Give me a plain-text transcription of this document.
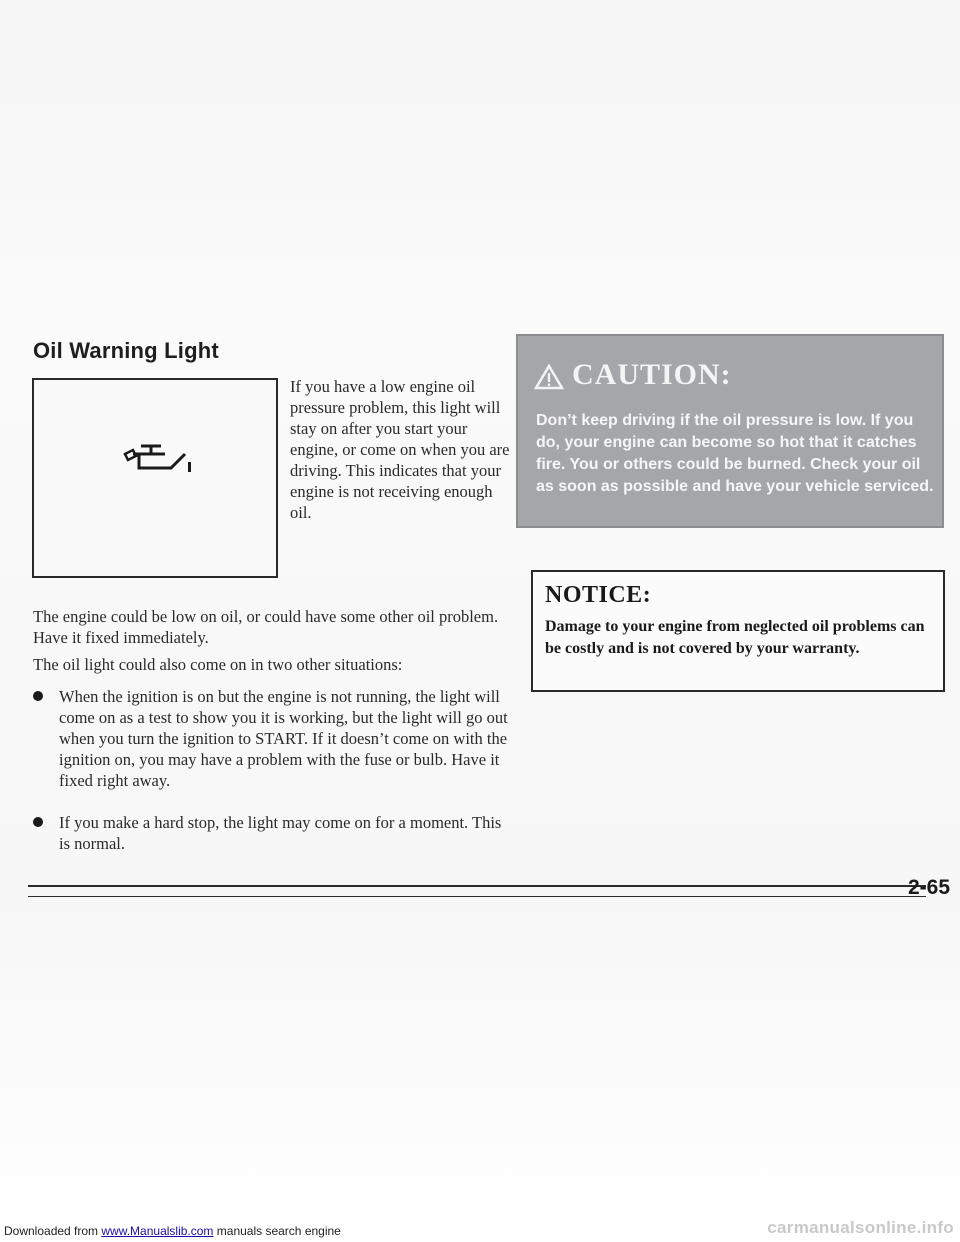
Oil Warning Light
If you have a low engine oil pressure problem, this light will stay on after you start your engine, or come on when you are driving. This indicates that your engine is not receiving enough oil.
The engine could be low on oil, or could have some other oil problem. Have it fixed immediately.
The oil light could also come on in two other situations:
When the ignition is on but the engine is not running, the light will come on as a test to show you it is working, but the light will go out when you turn the ignition to START. If it doesn’t come on with the ignition on, you may have a problem with the fuse or bulb. Have it fixed right away.
If you make a hard stop, the light may come on for a moment. This is normal.
CAUTION:
Don’t keep driving if the oil pressure is low. If you do, your engine can become so hot that it catches fire. You or others could be burned. Check your oil as soon as possible and have your vehicle serviced.
NOTICE:
Damage to your engine from neglected oil problems can be costly and is not covered by your warranty.
2-65
Downloaded from www.Manualslib.com manuals search engine	carmanualsonline.info
